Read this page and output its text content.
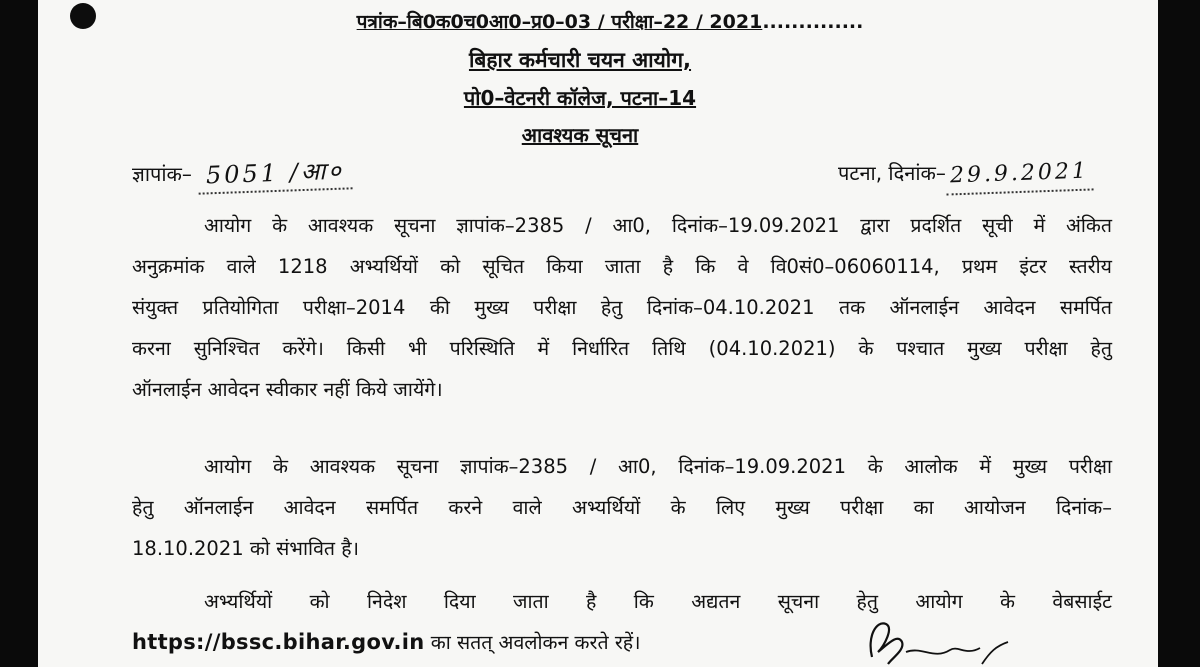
पत्रांक–बि0क0च0आ0–प्र0–03 / परीक्षा–22 / 2021..............
बिहार कर्मचारी चयन आयोग,
पो0–वेटनरी कॉलेज, पटना–14
आवश्यक सूचना
ज्ञापांक– 5051 /आ०	पटना, दिनांक– 29.9.2021
आयोग के आवश्यक सूचना ज्ञापांक–2385 / आ0, दिनांक–19.09.2021 द्वारा प्रदर्शित सूची में अंकित
अनुक्रमांक वाले 1218 अभ्यर्थियों को सूचित किया जाता है कि वे वि0सं0–06060114, प्रथम इंटर स्तरीय
संयुक्त प्रतियोगिता परीक्षा–2014 की मुख्य परीक्षा हेतु दिनांक–04.10.2021 तक ऑनलाईन आवेदन समर्पित
करना सुनिश्चित करेंगे। किसी भी परिस्थिति में निर्धारित तिथि (04.10.2021) के पश्चात मुख्य परीक्षा हेतु
ऑनलाईन आवेदन स्वीकार नहीं किये जायेंगे।
आयोग के आवश्यक सूचना ज्ञापांक–2385 / आ0, दिनांक–19.09.2021 के आलोक में मुख्य परीक्षा
हेतु ऑनलाईन आवेदन समर्पित करने वाले अभ्यर्थियों के लिए मुख्य परीक्षा का आयोजन दिनांक–
18.10.2021 को संभावित है।
अभ्यर्थियों को निदेश दिया जाता है कि अद्यतन सूचना हेतु आयोग के वेबसाईट
https://bssc.bihar.gov.in का सतत् अवलोकन करते रहें।
